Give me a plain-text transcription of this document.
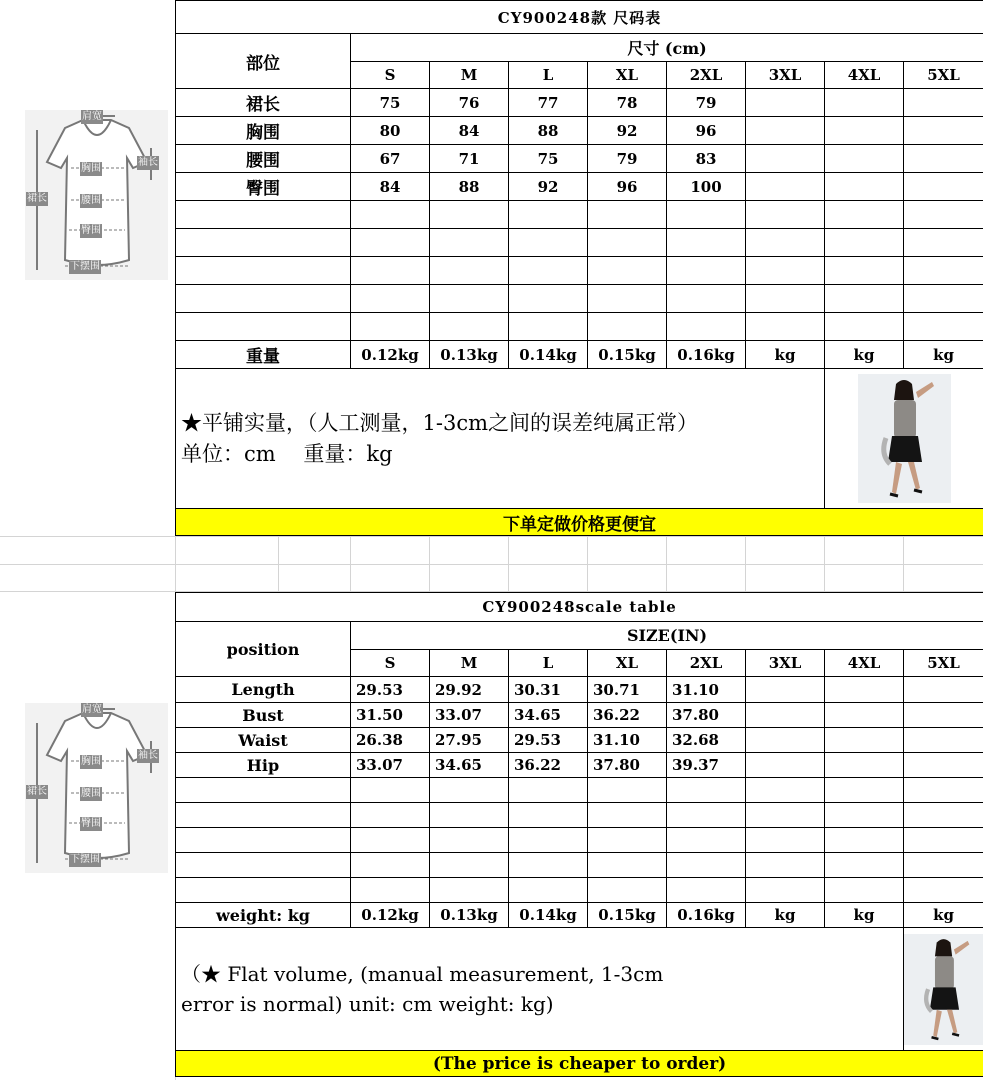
肩宽
袖长
胸围
腰围
臀围
下摆围
裙长
肩宽
袖长
胸围
腰围
臀围
下摆围
裙长
CY900248款 尺码表								
部位	尺寸 (cm)							
	S	M	L	XL	2XL	3XL	4XL	5XL
裙长	75	76	77	78	79			
胸围	80	84	88	92	96			
腰围	67	71	75	79	83			
臀围	84	88	92	96	100			

重量	0.12kg	0.13kg	0.14kg	0.15kg	0.16kg	kg	kg	kg

★平铺实量，（人工测量，1-3cm之间的误差纯属正常）
单位：cm　 重量：kg

下单定做价格更便宜								
CY900248scale table								
position	SIZE(IN)							
	S	M	L	XL	2XL	3XL	4XL	5XL
Length	29.53	29.92	30.31	30.71	31.10			
Bust	31.50	33.07	34.65	36.22	37.80			
Waist	26.38	27.95	29.53	31.10	32.68			
Hip	33.07	34.65	36.22	37.80	39.37			

weight: kg	0.12kg	0.13kg	0.14kg	0.15kg	0.16kg	kg	kg	kg

（★ Flat volume, (manual measurement, 1-3cm
error is normal) unit: cm weight: kg)

(The price is cheaper to order)								
